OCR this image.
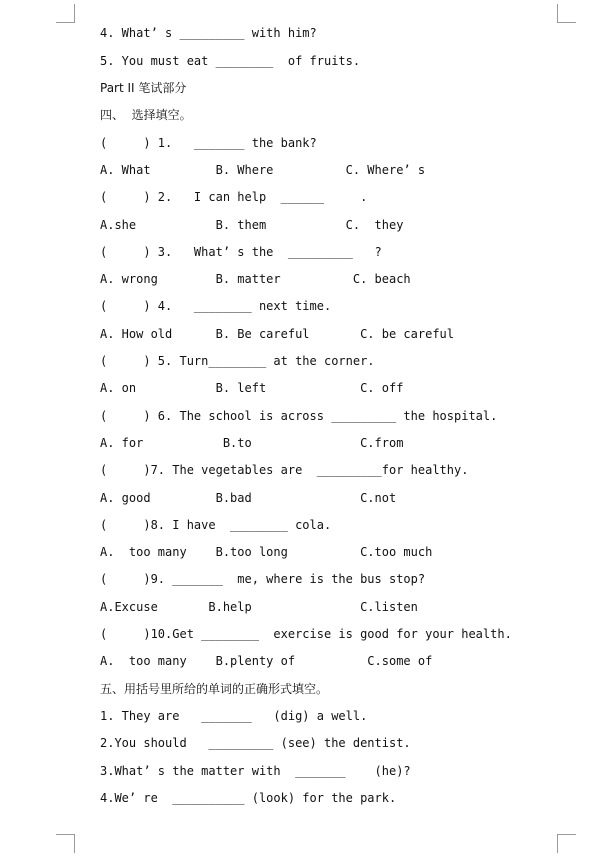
4. What’ s _________ with him?
5. You must eat ________  of fruits.
Part II 笔试部分
四、  选择填空。
(     ) 1.   _______ the bank?
A. What         B. Where          C. Where’ s
(     ) 2.   I can help  ______     .
A.she           B. them           C.  they
(     ) 3.   What’ s the  _________   ?
A. wrong        B. matter          C. beach
(     ) 4.   ________ next time.
A. How old      B. Be careful       C. be careful
(     ) 5. Turn________ at the corner.
A. on           B. left             C. off
(     ) 6. The school is across _________ the hospital.
A. for           B.to               C.from
(     )7. The vegetables are  _________for healthy.
A. good         B.bad               C.not
(     )8. I have  ________ cola.
A.  too many    B.too long          C.too much
(     )9. _______  me, where is the bus stop?
A.Excuse       B.help               C.listen
(     )10.Get ________  exercise is good for your health.
A.  too many    B.plenty of          C.some of
五、用括号里所给的单词的正确形式填空。
1. They are   _______   (dig) a well.
2.You should   _________ (see) the dentist.
3.What’ s the matter with  _______    (he)?
4.We’ re  __________ (look) for the park.
